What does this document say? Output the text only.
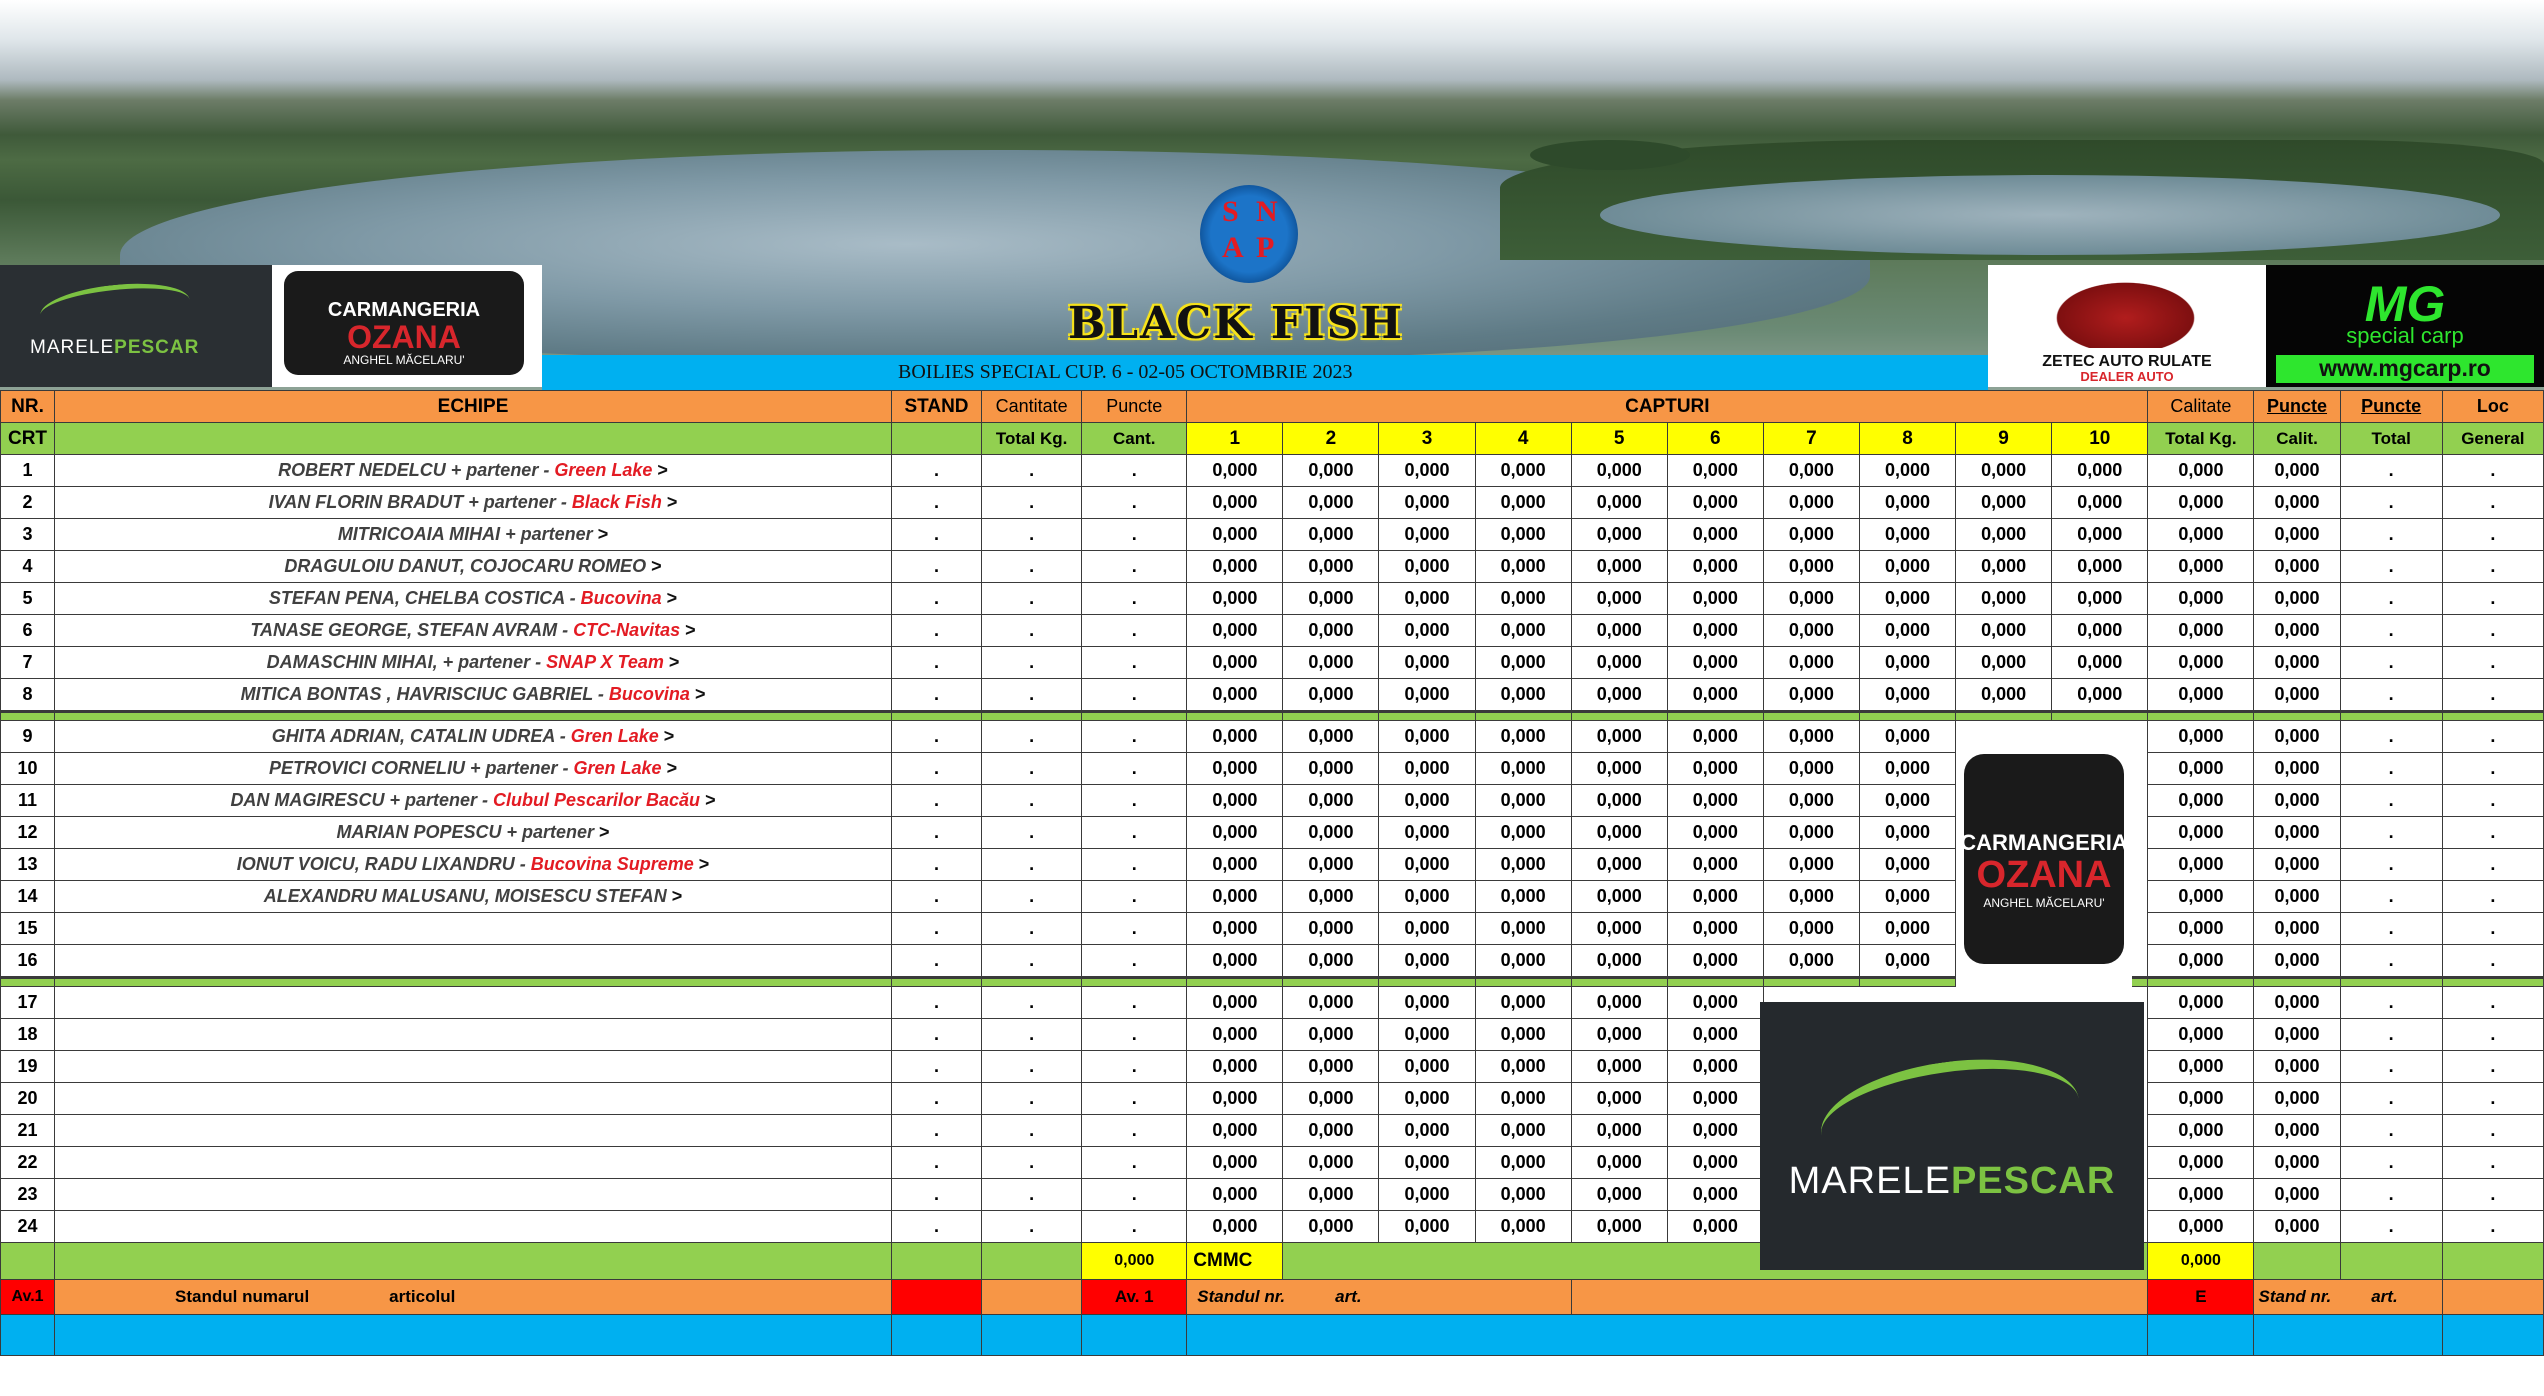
MARELEPESCAR
CARMANGERIA
OZANA
ANGHEL MĂCELARU'
S N
A P
BLACK FISH
BOILIES SPECIAL CUP. 6 - 02-05 OCTOMBRIE 2023	ZETEC AUTO RULATE
DEALER AUTO
MG
special carp
www.mgcarp.ro
NR.	ECHIPE	STAND	Cantitate	Puncte	CAPTURI										Calitate	Puncte	Puncte	Loc
CRT			Total Kg.	Cant.	1	2	3	4	5	6	7	8	9	10	Total Kg.	Calit.	Total	General
1	ROBERT NEDELCU + partener - Green Lake >	.	.	.	0,000	0,000	0,000	0,000	0,000	0,000	0,000	0,000	0,000	0,000	0,000	0,000	.	.
2	IVAN FLORIN BRADUT + partener - Black Fish >	.	.	.	0,000	0,000	0,000	0,000	0,000	0,000	0,000	0,000	0,000	0,000	0,000	0,000	.	.
3	MITRICOAIA MIHAI + partener >	.	.	.	0,000	0,000	0,000	0,000	0,000	0,000	0,000	0,000	0,000	0,000	0,000	0,000	.	.
4	DRAGULOIU DANUT, COJOCARU ROMEO >	.	.	.	0,000	0,000	0,000	0,000	0,000	0,000	0,000	0,000	0,000	0,000	0,000	0,000	.	.
5	STEFAN PENA, CHELBA COSTICA - Bucovina >	.	.	.	0,000	0,000	0,000	0,000	0,000	0,000	0,000	0,000	0,000	0,000	0,000	0,000	.	.
6	TANASE GEORGE, STEFAN AVRAM - CTC-Navitas >	.	.	.	0,000	0,000	0,000	0,000	0,000	0,000	0,000	0,000	0,000	0,000	0,000	0,000	.	.
7	DAMASCHIN MIHAI, + partener - SNAP X Team >	.	.	.	0,000	0,000	0,000	0,000	0,000	0,000	0,000	0,000	0,000	0,000	0,000	0,000	.	.
8	MITICA BONTAS , HAVRISCIUC GABRIEL - Bucovina >	.	.	.	0,000	0,000	0,000	0,000	0,000	0,000	0,000	0,000	0,000	0,000	0,000	0,000	.	.

9	GHITA ADRIAN, CATALIN UDREA - Gren Lake >	.	.	.	0,000	0,000	0,000	0,000	0,000	0,000	0,000	0,000			0,000	0,000	.	.
10	PETROVICI CORNELIU + partener - Gren Lake >	.	.	.	0,000	0,000	0,000	0,000	0,000	0,000	0,000	0,000			0,000	0,000	.	.
11	DAN MAGIRESCU + partener - Clubul Pescarilor Bacău >	.	.	.	0,000	0,000	0,000	0,000	0,000	0,000	0,000	0,000			0,000	0,000	.	.
12	MARIAN POPESCU + partener >	.	.	.	0,000	0,000	0,000	0,000	0,000	0,000	0,000	0,000			0,000	0,000	.	.
13	IONUT VOICU, RADU LIXANDRU - Bucovina Supreme >	.	.	.	0,000	0,000	0,000	0,000	0,000	0,000	0,000	0,000			0,000	0,000	.	.
14	ALEXANDRU MALUSANU, MOISESCU STEFAN >	.	.	.	0,000	0,000	0,000	0,000	0,000	0,000	0,000	0,000			0,000	0,000	.	.
15		.	.	.	0,000	0,000	0,000	0,000	0,000	0,000	0,000	0,000			0,000	0,000	.	.
16		.	.	.	0,000	0,000	0,000	0,000	0,000	0,000	0,000	0,000			0,000	0,000	.	.

17		.	.	.	0,000	0,000	0,000	0,000	0,000	0,000					0,000	0,000	.	.
18		.	.	.	0,000	0,000	0,000	0,000	0,000	0,000					0,000	0,000	.	.
19		.	.	.	0,000	0,000	0,000	0,000	0,000	0,000					0,000	0,000	.	.
20		.	.	.	0,000	0,000	0,000	0,000	0,000	0,000					0,000	0,000	.	.
21		.	.	.	0,000	0,000	0,000	0,000	0,000	0,000					0,000	0,000	.	.
22		.	.	.	0,000	0,000	0,000	0,000	0,000	0,000					0,000	0,000	.	.
23		.	.	.	0,000	0,000	0,000	0,000	0,000	0,000					0,000	0,000	.	.
24		.	.	.	0,000	0,000	0,000	0,000	0,000	0,000					0,000	0,000	.	.
				0,000	CMMC										0,000			
Av.1	Standul numarul articolul			Av. 1	Standul nr. art.										E	Stand nr. art.		

CARMANGERIA
OZANA
ANGHEL MĂCELARU'
MARELEPESCAR
